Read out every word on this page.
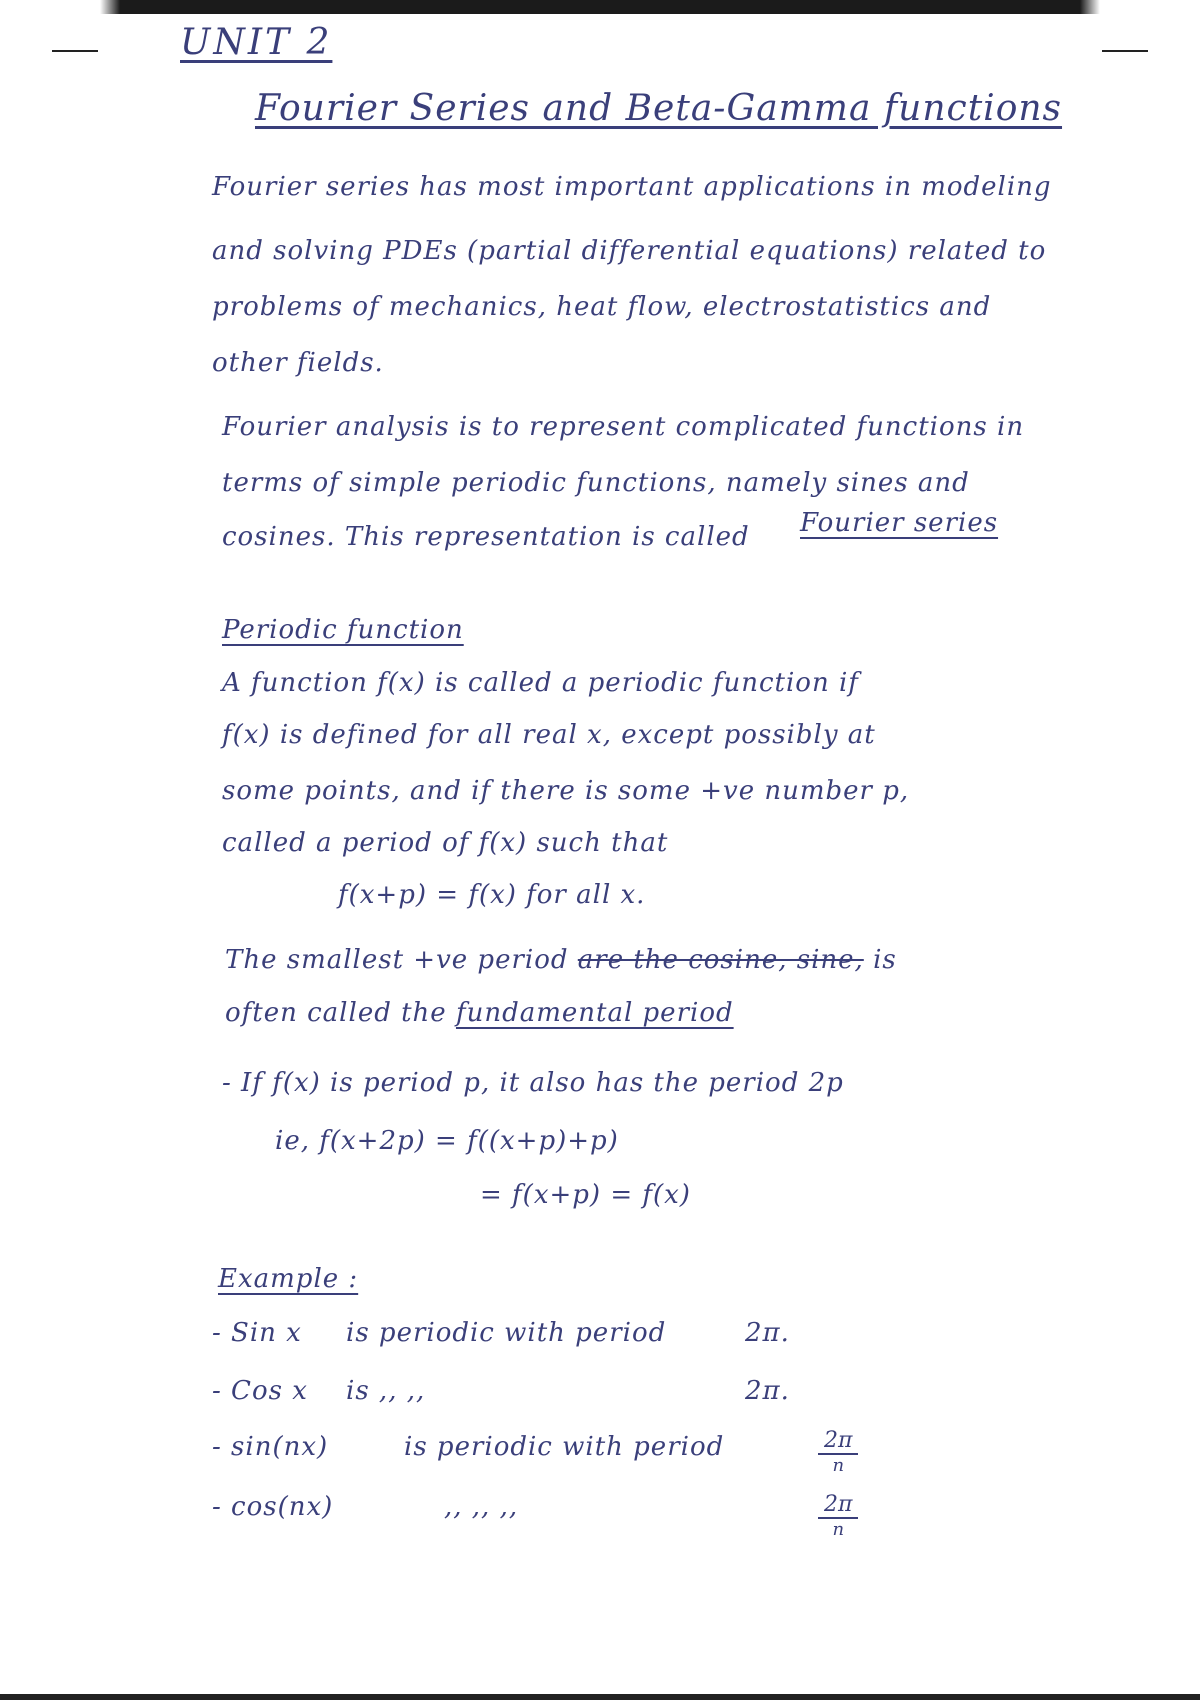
UNIT 2
Fourier Series and Beta-Gamma functions
Fourier series has most important applications in modeling
and solving PDEs (partial differential equations) related to
problems of mechanics, heat flow, electrostatistics and
other fields.
Fourier analysis is to represent complicated functions in
terms of simple periodic functions, namely sines and
cosines. This representation is called Fourier series
Periodic function
A function f(x) is called a periodic function if
f(x) is defined for all real x, except possibly at
some points, and if there is some +ve number p,
called a period of f(x) such that
f(x+p) = f(x) for all x.
The smallest +ve period are the cosine, sine, is
often called the fundamental period
- If f(x) is period p, it also has the period 2p
ie, f(x+2p) = f((x+p)+p)
= f(x+p) = f(x)
Example :
- Sin x is periodic with period	2π.
- Cos x is ,, ,,	2π.
- sin(nx)	is periodic with period	2π
n
- cos(nx)	,, ,, ,,	2π
n
